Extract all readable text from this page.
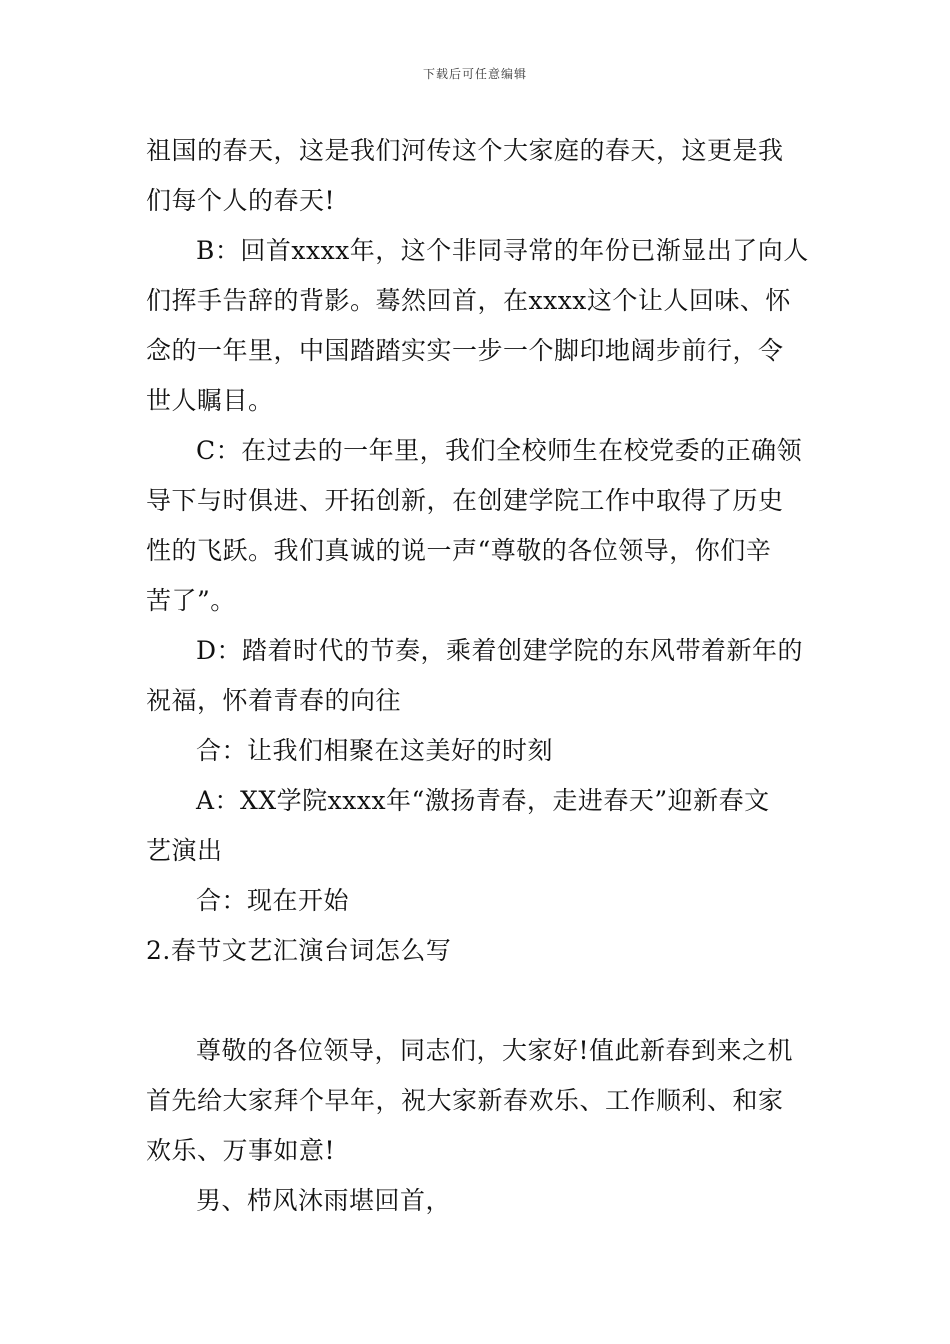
下载后可任意编辑
祖国的春天，这是我们河传这个大家庭的春天，这更是我
们每个人的春天!
B：回首xxxx年，这个非同寻常的年份已渐显出了向人
们挥手告辞的背影。蓦然回首，在xxxx这个让人回味、怀
念的一年里，中国踏踏实实一步一个脚印地阔步前行，令
世人瞩目。
C：在过去的一年里，我们全校师生在校党委的正确领
导下与时俱进、开拓创新，在创建学院工作中取得了历史
性的飞跃。我们真诚的说一声“尊敬的各位领导，你们辛
苦了”。
D：踏着时代的节奏，乘着创建学院的东风带着新年的
祝福，怀着青春的向往
合：让我们相聚在这美好的时刻
A：XX学院xxxx年“激扬青春，走进春天”迎新春文
艺演出
合：现在开始
2.春节文艺汇演台词怎么写
尊敬的各位领导，同志们，大家好!值此新春到来之机
首先给大家拜个早年，祝大家新春欢乐、工作顺利、和家
欢乐、万事如意!
男、栉风沐雨堪回首，
